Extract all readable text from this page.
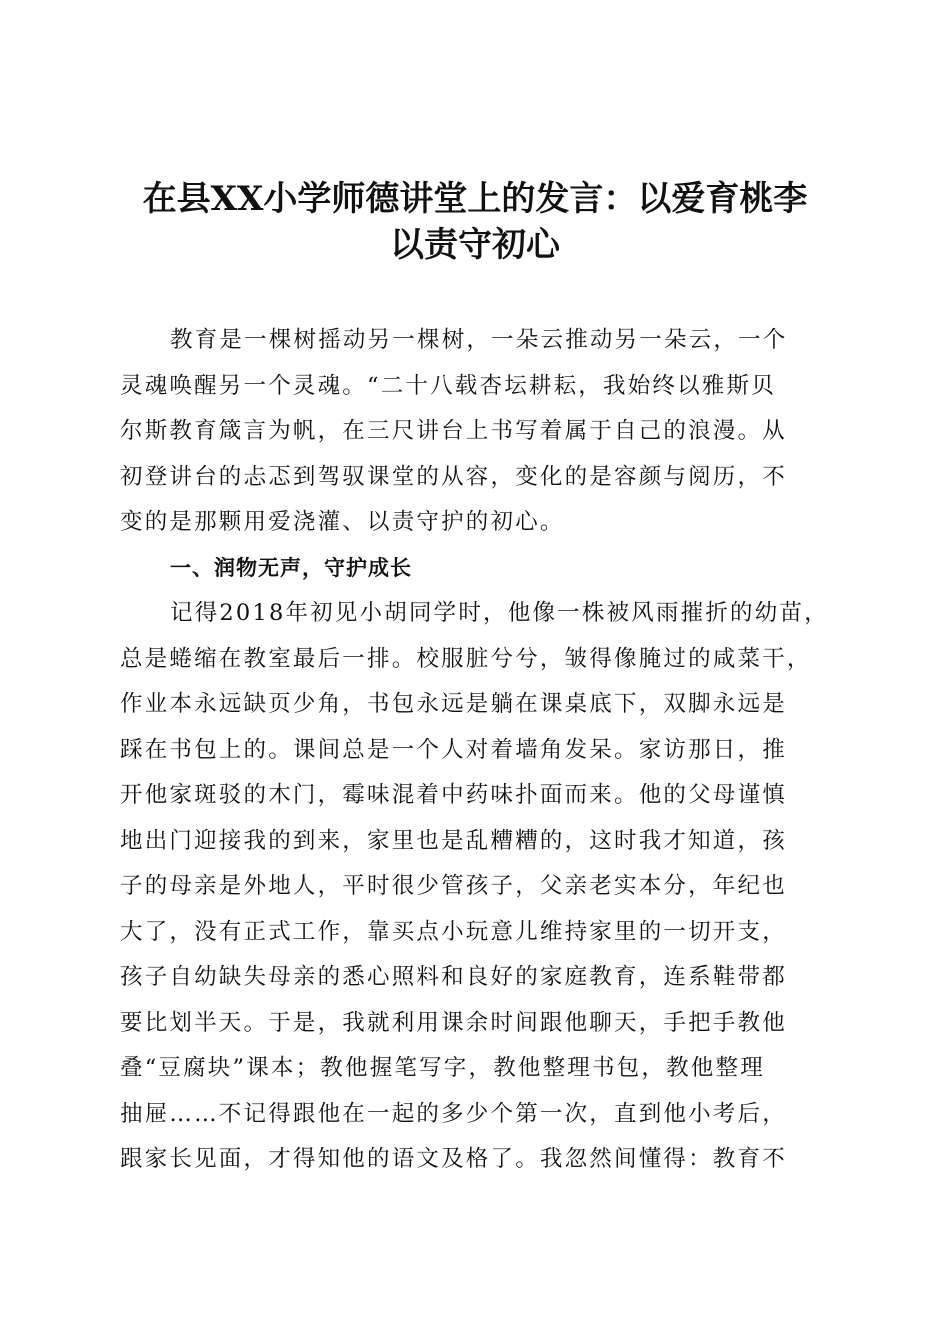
在县XX小学师德讲堂上的发言：以爱育桃李
以责守初心
教育是一棵树摇动另一棵树，一朵云推动另一朵云，一个
灵魂唤醒另一个灵魂。“二十八载杏坛耕耘，我始终以雅斯贝
尔斯教育箴言为帆，在三尺讲台上书写着属于自己的浪漫。从
初登讲台的忐忑到驾驭课堂的从容，变化的是容颜与阅历，不
变的是那颗用爱浇灌、以责守护的初心。
一、润物无声，守护成长
记得2018年初见小胡同学时，他像一株被风雨摧折的幼苗，
总是蜷缩在教室最后一排。校服脏兮兮，皱得像腌过的咸菜干，
作业本永远缺页少角，书包永远是躺在课桌底下，双脚永远是
踩在书包上的。课间总是一个人对着墙角发呆。家访那日，推
开他家斑驳的木门，霉味混着中药味扑面而来。他的父母谨慎
地出门迎接我的到来，家里也是乱糟糟的，这时我才知道，孩
子的母亲是外地人，平时很少管孩子，父亲老实本分，年纪也
大了，没有正式工作，靠买点小玩意儿维持家里的一切开支，
孩子自幼缺失母亲的悉心照料和良好的家庭教育，连系鞋带都
要比划半天。于是，我就利用课余时间跟他聊天，手把手教他
叠“豆腐块”课本；教他握笔写字，教他整理书包，教他整理
抽屉……不记得跟他在一起的多少个第一次，直到他小考后，
跟家长见面，才得知他的语文及格了。我忽然间懂得：教育不
